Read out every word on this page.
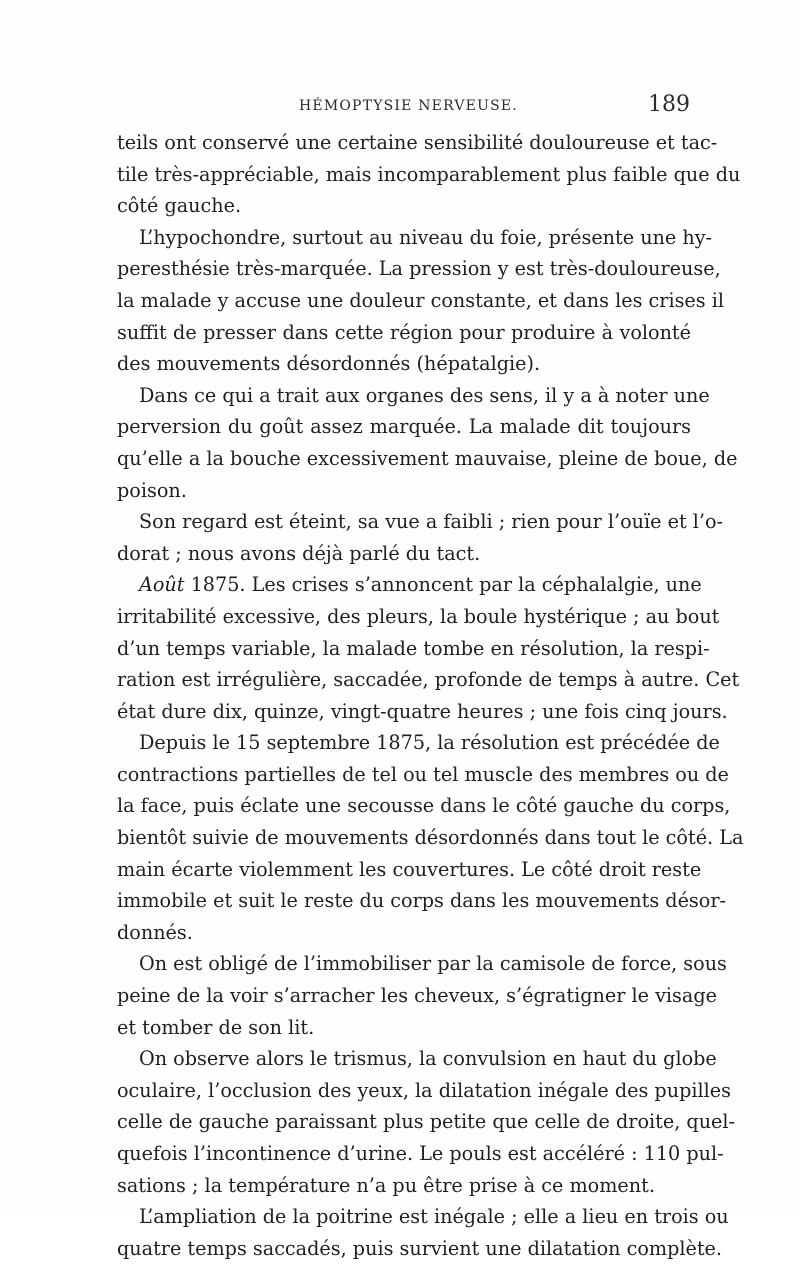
HÉMOPTYSIE NERVEUSE.	189

teils ont conservé une certaine sensibilité douloureuse et tac-
tile très-appréciable, mais incomparablement plus faible que du
côté gauche.

L’hypochondre, surtout au niveau du foie, présente une hy-
peresthésie très-marquée. La pression y est très-douloureuse,
la malade y accuse une douleur constante, et dans les crises il
suffit de presser dans cette région pour produire à volonté
des mouvements désordonnés (hépatalgie).

Dans ce qui a trait aux organes des sens, il y a à noter une
perversion du goût assez marquée. La malade dit toujours
qu’elle a la bouche excessivement mauvaise, pleine de boue, de
poison.

Son regard est éteint, sa vue a faibli ; rien pour l’ouïe et l’o-
dorat ; nous avons déjà parlé du tact.

Août 1875. Les crises s’annoncent par la céphalalgie, une
irritabilité excessive, des pleurs, la boule hystérique ; au bout
d’un temps variable, la malade tombe en résolution, la respi-
ration est irrégulière, saccadée, profonde de temps à autre. Cet
état dure dix, quinze, vingt-quatre heures ; une fois cinq jours.

Depuis le 15 septembre 1875, la résolution est précédée de
contractions partielles de tel ou tel muscle des membres ou de
la face, puis éclate une secousse dans le côté gauche du corps,
bientôt suivie de mouvements désordonnés dans tout le côté. La
main écarte violemment les couvertures. Le côté droit reste
immobile et suit le reste du corps dans les mouvements désor-
donnés.

On est obligé de l’immobiliser par la camisole de force, sous
peine de la voir s’arracher les cheveux, s’égratigner le visage
et tomber de son lit.

On observe alors le trismus, la convulsion en haut du globe
oculaire, l’occlusion des yeux, la dilatation inégale des pupilles
celle de gauche paraissant plus petite que celle de droite, quel-
quefois l’incontinence d’urine. Le pouls est accéléré : 110 pul-
sations ; la température n’a pu être prise à ce moment.

L’ampliation de la poitrine est inégale ; elle a lieu en trois ou
quatre temps saccadés, puis survient une dilatation complète.
